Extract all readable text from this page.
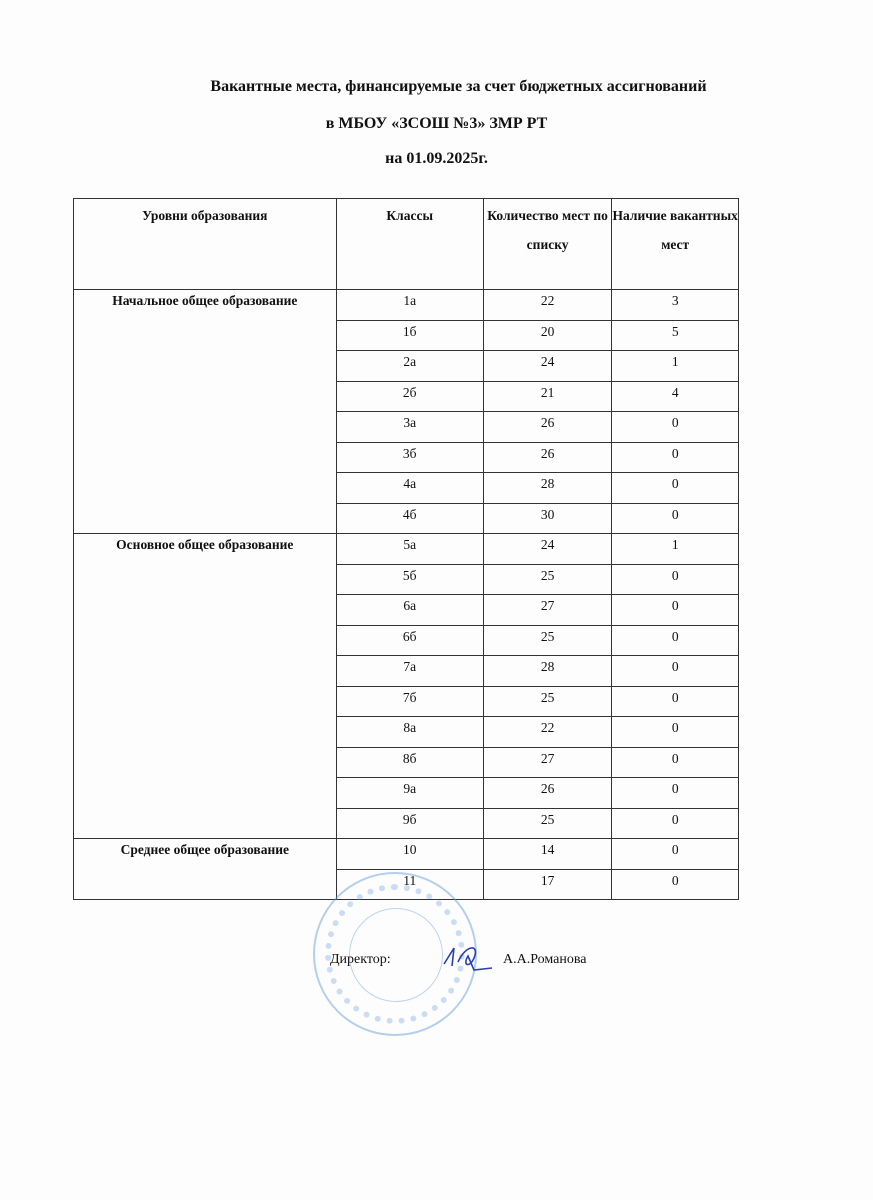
Вакантные места, финансируемые за счет бюджетных ассигнований
в МБОУ «ЗСОШ №3» ЗМР РТ
на 01.09.2025г.
Уровни образования	Классы	Количество мест по списку	Наличие вакантных мест
Начальное общее образование	1а	22	3
	1б	20	5
	2а	24	1
	2б	21	4
	3а	26	0
	3б	26	0
	4а	28	0
	4б	30	0
Основное общее образование	5а	24	1
	5б	25	0
	6а	27	0
	6б	25	0
	7а	28	0
	7б	25	0
	8а	22	0
	8б	27	0
	9а	26	0
	9б	25	0
Среднее общее образование	10	14	0
	11	17	0
Директор:	А.А.Романова
